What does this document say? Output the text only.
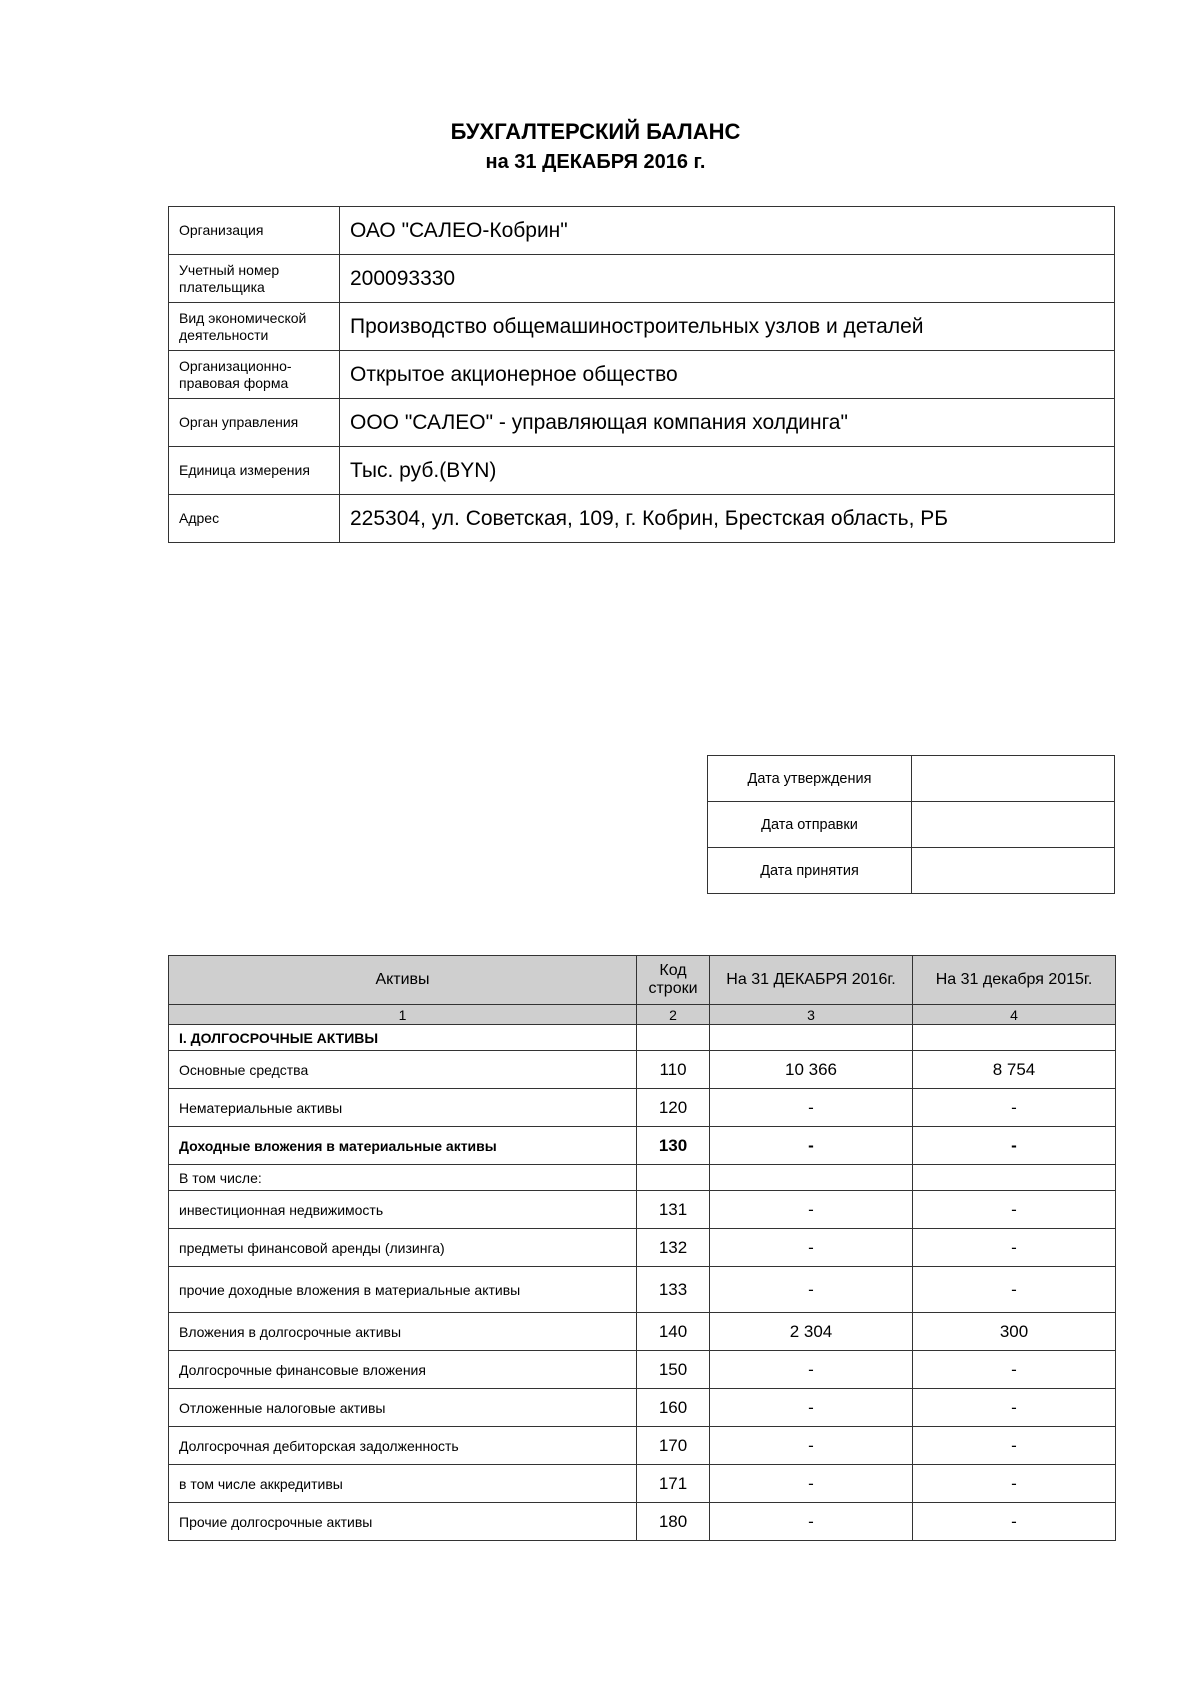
БУХГАЛТЕРСКИЙ БАЛАНС
на 31 ДЕКАБРЯ 2016 г.
Организация	ОАО "САЛЕО-Кобрин"
Учетный номер плательщика	200093330
Вид экономической деятельности	Производство общемашиностроительных узлов и деталей
Организационно-правовая форма	Открытое акционерное общество
Орган управления	ООО "САЛЕО" - управляющая компания холдинга"
Единица измерения	Тыс. руб.(BYN)
Адрес	225304, ул. Советская, 109, г. Кобрин, Брестская область, РБ
Дата утверждения	
Дата отправки	
Дата принятия	
Активы	Код строки	На 31 ДЕКАБРЯ 2016г.	На 31 декабря 2015г.
1	2	3	4
I. ДОЛГОСРОЧНЫЕ АКТИВЫ			
Основные средства	110	10 366	8 754
Нематериальные активы	120	-	-
Доходные вложения в материальные активы	130	-	-
В том числе:			
инвестиционная недвижимость	131	-	-
предметы финансовой аренды (лизинга)	132	-	-
прочие доходные вложения в материальные активы	133	-	-
Вложения в долгосрочные активы	140	2 304	300
Долгосрочные финансовые вложения	150	-	-
Отложенные налоговые активы	160	-	-
Долгосрочная дебиторская задолженность	170	-	-
в том числе аккредитивы	171	-	-
Прочие долгосрочные активы	180	-	-
